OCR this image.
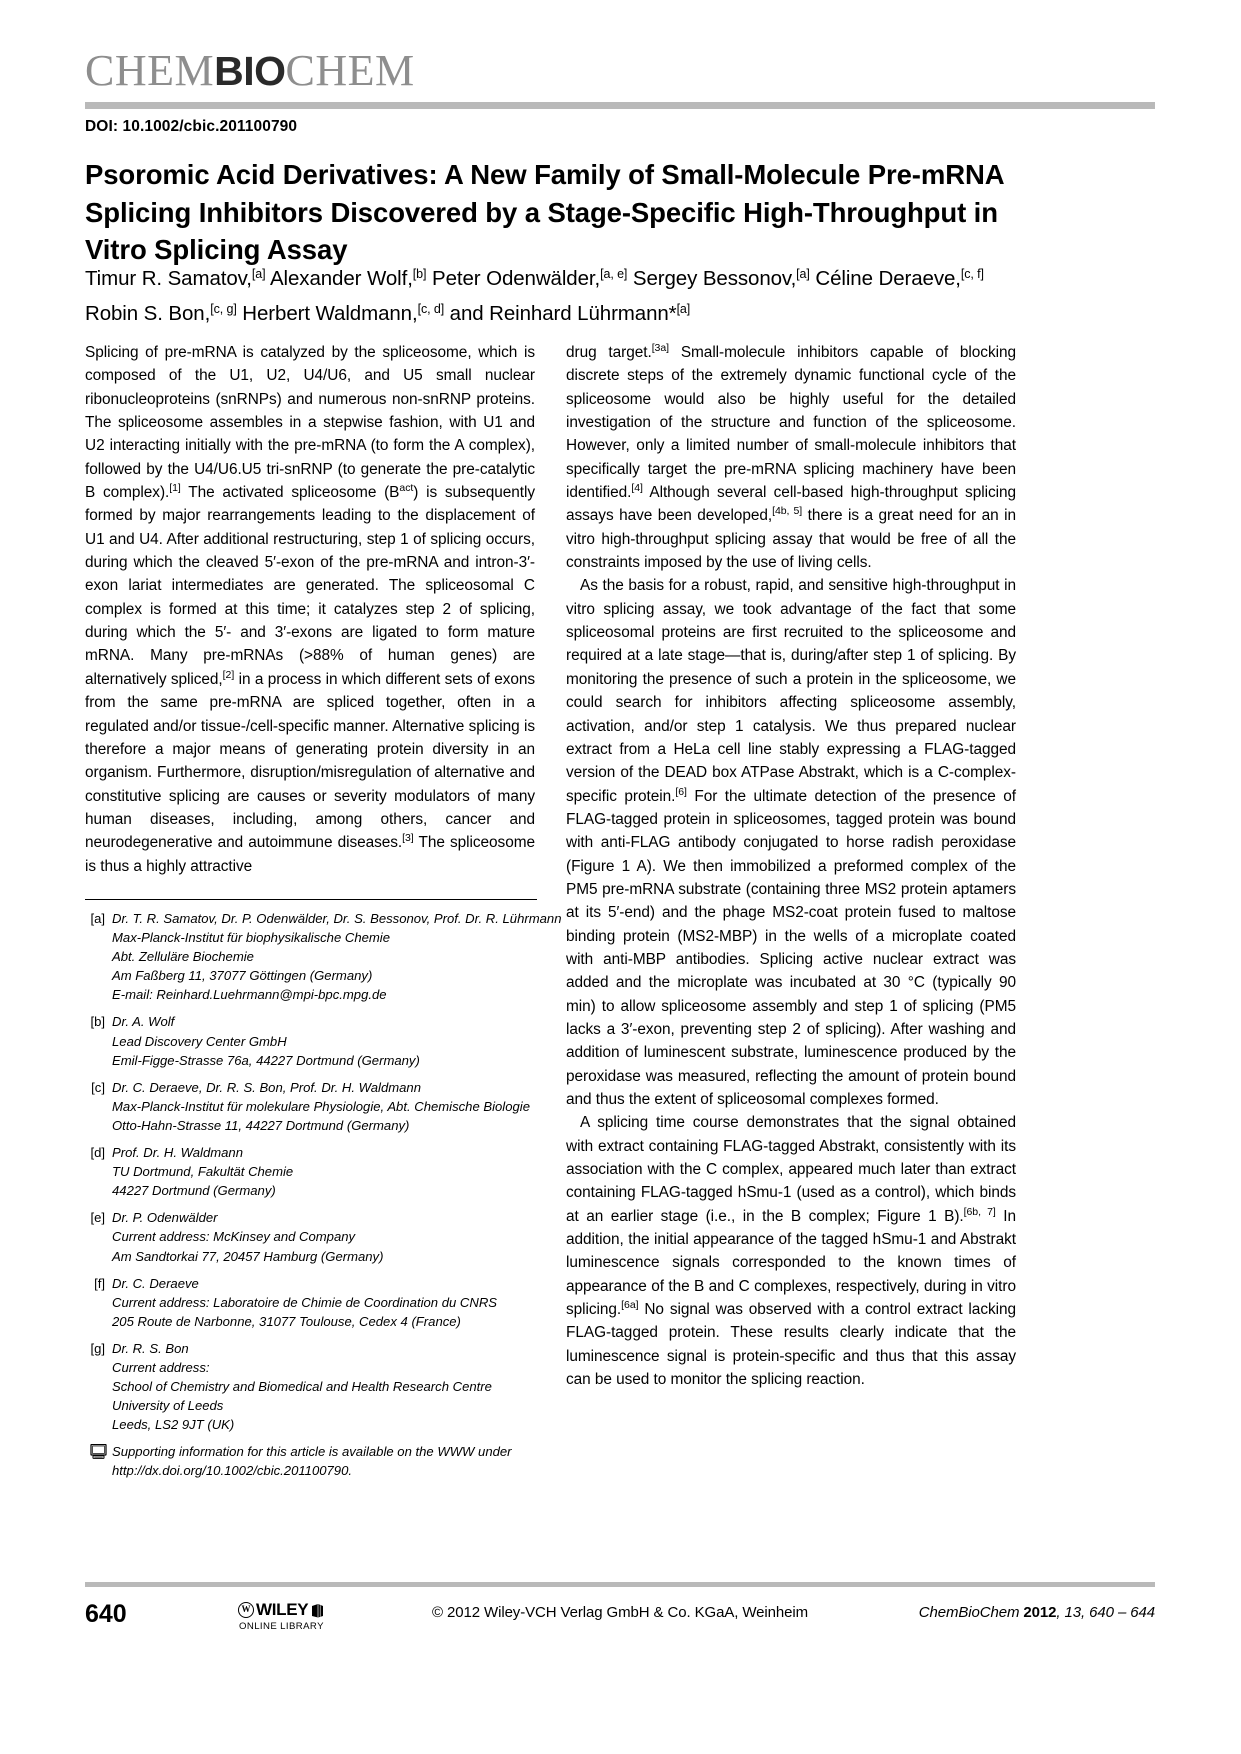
CHEMBIOCHEM
DOI: 10.1002/cbic.201100790
Psoromic Acid Derivatives: A New Family of Small-Molecule Pre-mRNA Splicing Inhibitors Discovered by a Stage-Specific High-Throughput in Vitro Splicing Assay
Timur R. Samatov,[a] Alexander Wolf,[b] Peter Odenwälder,[a, e] Sergey Bessonov,[a] Céline Deraeve,[c, f]
Robin S. Bon,[c, g] Herbert Waldmann,[c, d] and Reinhard Lührmann*[a]

Splicing of pre-mRNA is catalyzed by the spliceosome, which is composed of the U1, U2, U4/U6, and U5 small nuclear ribonucleoproteins (snRNPs) and numerous non-snRNP proteins. The spliceosome assembles in a stepwise fashion, with U1 and U2 interacting initially with the pre-mRNA (to form the A complex), followed by the U4/U6.U5 tri-snRNP (to generate the pre-catalytic B complex).[1] The activated spliceosome $(B^{act})$ is subsequently formed by major rearrangements leading to the displacement of U1 and U4. After additional restructuring, step 1 of splicing occurs, during which the cleaved 5′-exon of the pre-mRNA and intron-3′-exon lariat intermediates are generated. The spliceosomal C complex is formed at this time; it catalyzes step 2 of splicing, during which the 5′- and 3′-exons are ligated to form mature mRNA. Many pre-mRNAs (>88% of human genes) are alternatively spliced,[2] in a process in which different sets of exons from the same pre-mRNA are spliced together, often in a regulated and/or tissue-/cell-specific manner. Alternative splicing is therefore a major means of generating protein diversity in an organism. Furthermore, disruption/misregulation of alternative and constitutive splicing are causes or severity modulators of many human diseases, including, among others, cancer and neurodegenerative and autoimmune diseases.[3] The spliceosome is thus a highly attractive

drug target.[3a] Small-molecule inhibitors capable of blocking discrete steps of the extremely dynamic functional cycle of the spliceosome would also be highly useful for the detailed investigation of the structure and function of the spliceosome. However, only a limited number of small-molecule inhibitors that specifically target the pre-mRNA splicing machinery have been identified.[4] Although several cell-based high-throughput splicing assays have been developed,[4b, 5] there is a great need for an in vitro high-throughput splicing assay that would be free of all the constraints imposed by the use of living cells.

As the basis for a robust, rapid, and sensitive high-throughput in vitro splicing assay, we took advantage of the fact that some spliceosomal proteins are first recruited to the spliceosome and required at a late stage—that is, during/after step 1 of splicing. By monitoring the presence of such a protein in the spliceosome, we could search for inhibitors affecting spliceosome assembly, activation, and/or step 1 catalysis. We thus prepared nuclear extract from a HeLa cell line stably expressing a FLAG-tagged version of the DEAD box ATPase Abstrakt, which is a C-complex-specific protein.[6] For the ultimate detection of the presence of FLAG-tagged protein in spliceosomes, tagged protein was bound with anti-FLAG antibody conjugated to horse radish peroxidase (Figure 1 A). We then immobilized a preformed complex of the PM5 pre-mRNA substrate (containing three MS2 protein aptamers at its 5′-end) and the phage MS2-coat protein fused to maltose binding protein (MS2-MBP) in the wells of a microplate coated with anti-MBP antibodies. Splicing active nuclear extract was added and the microplate was incubated at 30 °C (typically 90 min) to allow spliceosome assembly and step 1 of splicing (PM5 lacks a 3′-exon, preventing step 2 of splicing). After washing and addition of luminescent substrate, luminescence produced by the peroxidase was measured, reflecting the amount of protein bound and thus the extent of spliceosomal complexes formed.

A splicing time course demonstrates that the signal obtained with extract containing FLAG-tagged Abstrakt, consistently with its association with the C complex, appeared much later than extract containing FLAG-tagged hSmu-1 (used as a control), which binds at an earlier stage (i.e., in the B complex; Figure 1 B).[6b, 7] In addition, the initial appearance of the tagged hSmu-1 and Abstrakt luminescence signals corresponded to the known times of appearance of the B and C complexes, respectively, during in vitro splicing.[6a] No signal was observed with a control extract lacking FLAG-tagged protein. These results clearly indicate that the luminescence signal is protein-specific and thus that this assay can be used to monitor the splicing reaction.

[a] Dr. T. R. Samatov, Dr. P. Odenwälder, Dr. S. Bessonov, Prof. Dr. R. Lührmann
Max-Planck-Institut für biophysikalische Chemie
Abt. Zelluläre Biochemie
Am Faßberg 11, 37077 Göttingen (Germany)
E-mail: Reinhard.Luehrmann@mpi-bpc.mpg.de
[b] Dr. A. Wolf
Lead Discovery Center GmbH
Emil-Figge-Strasse 76a, 44227 Dortmund (Germany)
[c] Dr. C. Deraeve, Dr. R. S. Bon, Prof. Dr. H. Waldmann
Max-Planck-Institut für molekulare Physiologie, Abt. Chemische Biologie
Otto-Hahn-Strasse 11, 44227 Dortmund (Germany)
[d] Prof. Dr. H. Waldmann
TU Dortmund, Fakultät Chemie
44227 Dortmund (Germany)
[e] Dr. P. Odenwälder
Current address: McKinsey and Company
Am Sandtorkai 77, 20457 Hamburg (Germany)
[f] Dr. C. Deraeve
Current address: Laboratoire de Chimie de Coordination du CNRS
205 Route de Narbonne, 31077 Toulouse, Cedex 4 (France)
[g] Dr. R. S. Bon
Current address:
School of Chemistry and Biomedical and Health Research Centre
University of Leeds
Leeds, LS2 9JT (UK)
Supporting information for this article is available on the WWW under
http://dx.doi.org/10.1002/cbic.201100790.
640	W WILEY
ONLINE LIBRARY
© 2012 Wiley-VCH Verlag GmbH & Co. KGaA, Weinheim	ChemBioChem 2012, 13, 640 – 644
